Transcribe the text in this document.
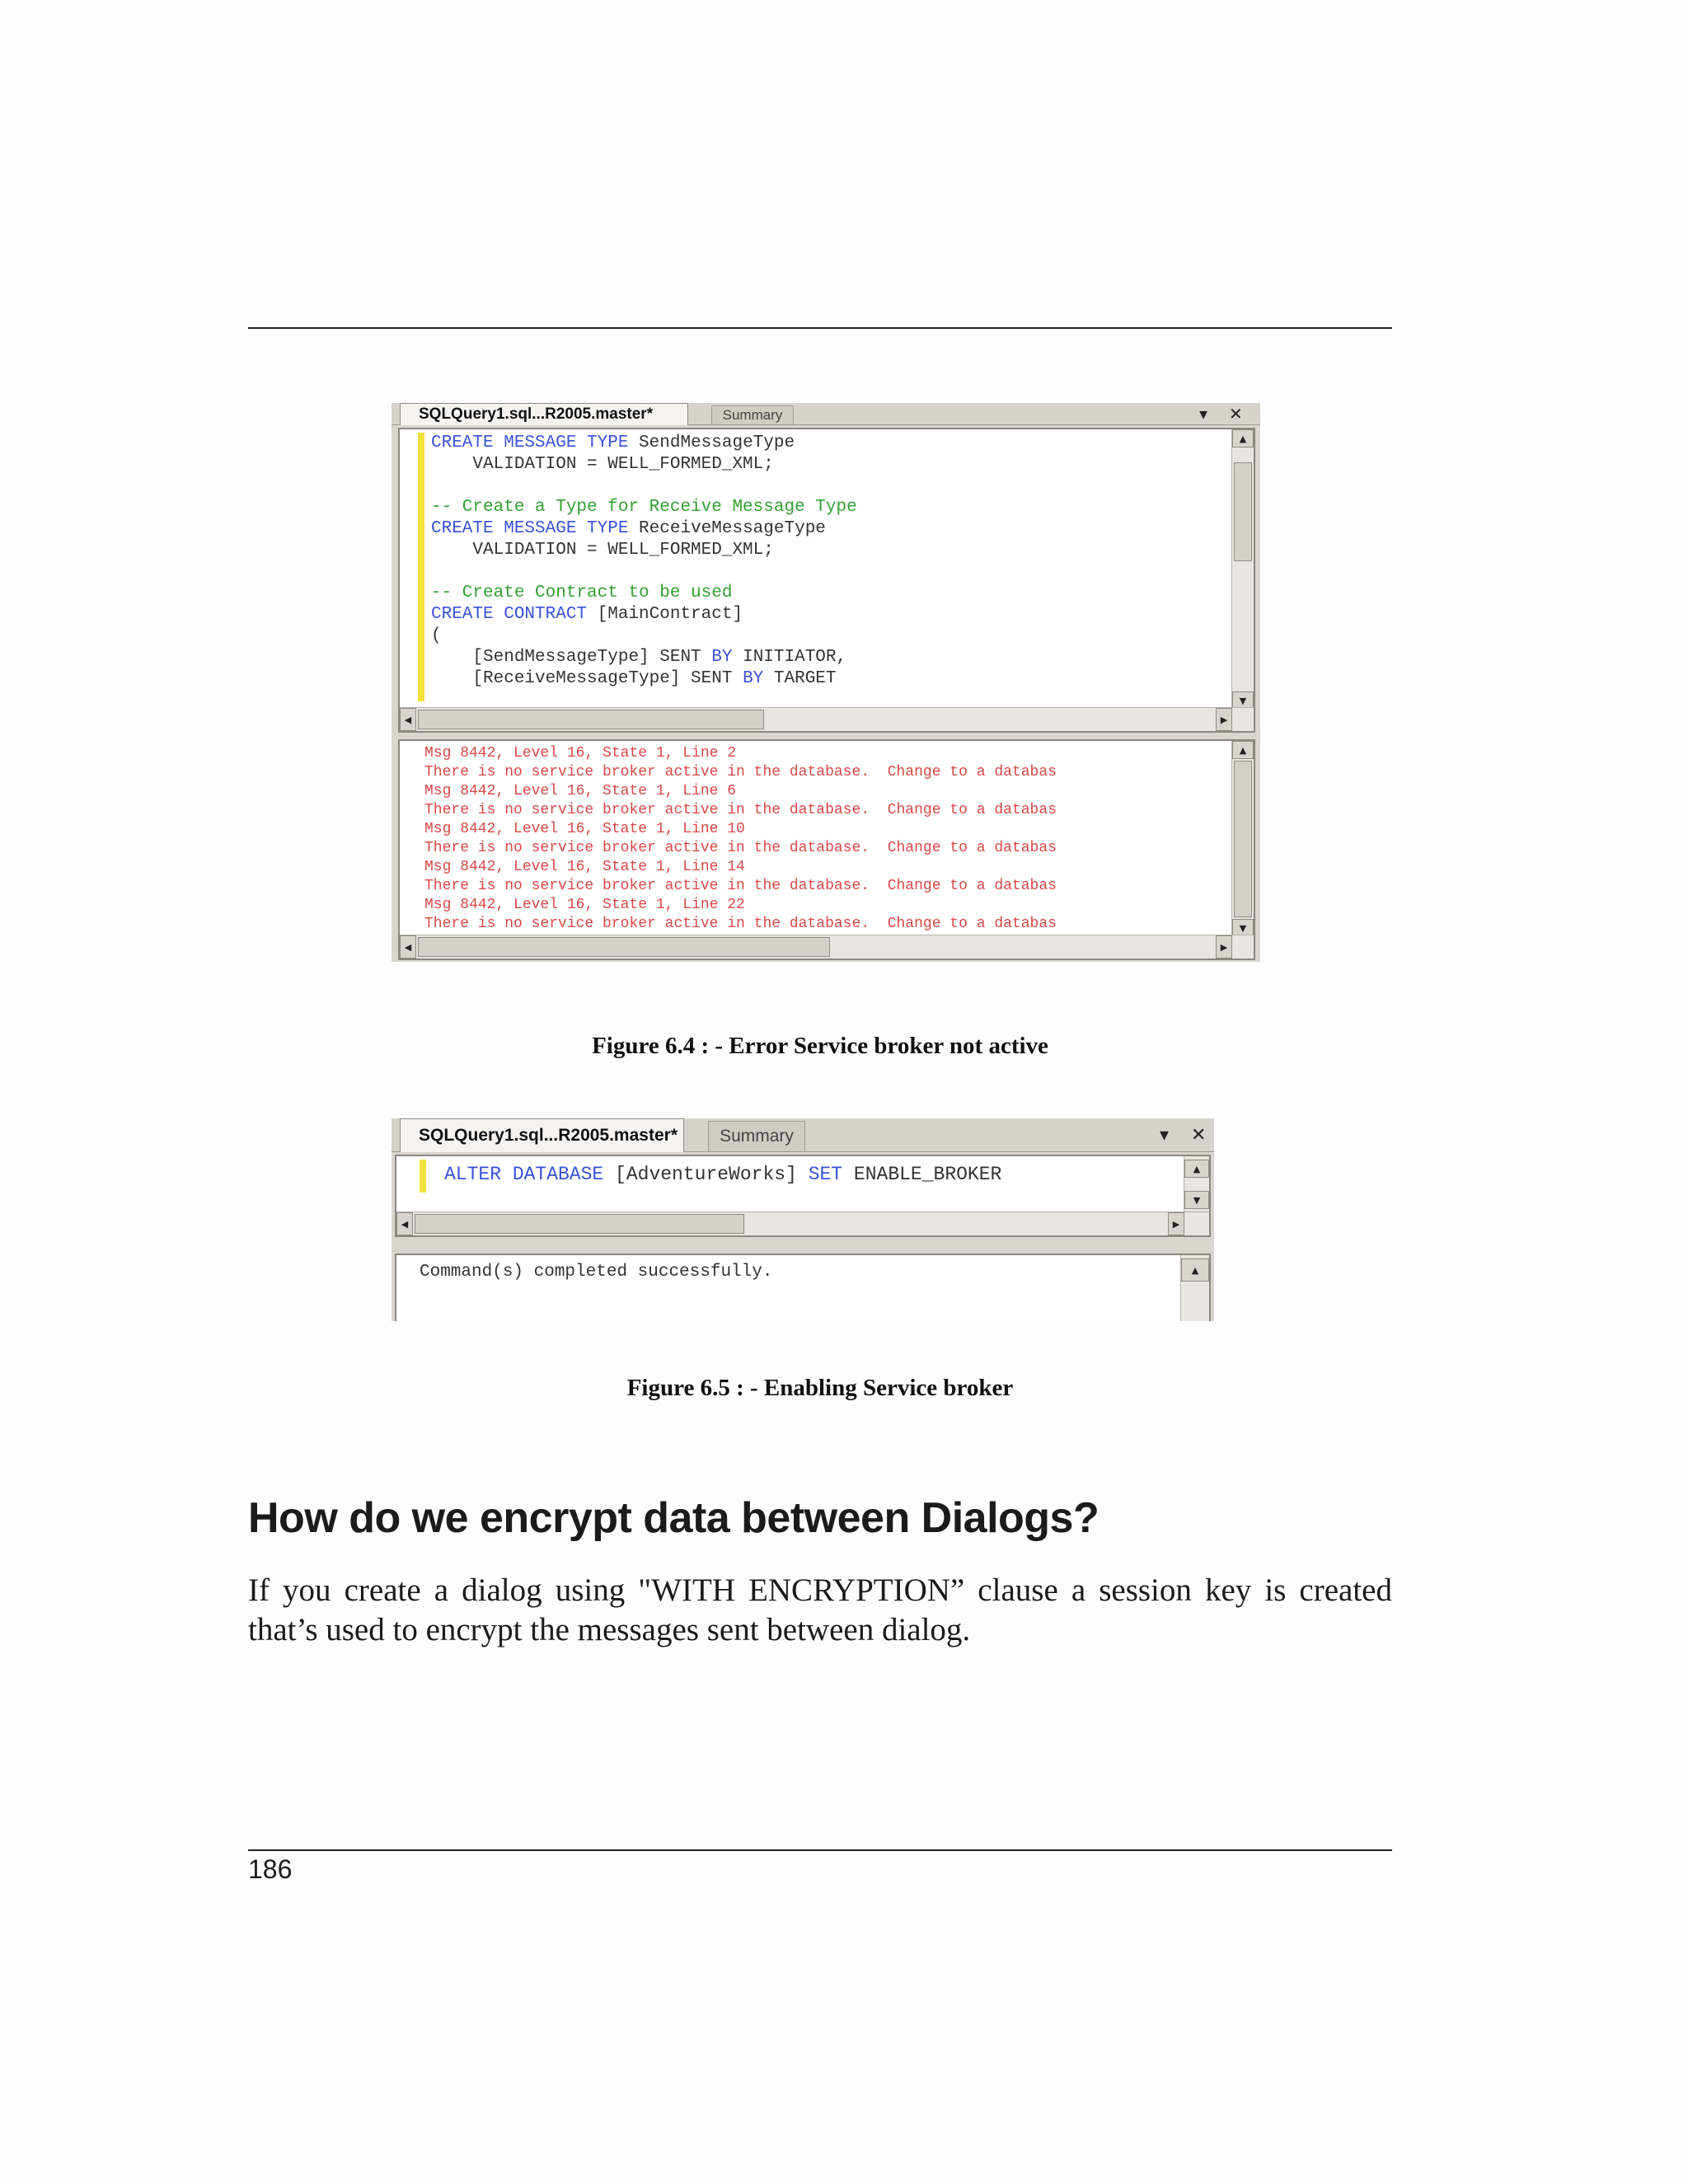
SQLQuery1.sql...R2005.master*	Summary	▾ ✕
CREATE MESSAGE TYPE SendMessageType
VALIDATION = WELL_FORMED_XML;

-- Create a Type for Receive Message Type
CREATE MESSAGE TYPE ReceiveMessageType
VALIDATION = WELL_FORMED_XML;

-- Create Contract to be used
CREATE CONTRACT [MainContract]
(
[SendMessageType] SENT BY INITIATOR,
[ReceiveMessageType] SENT BY TARGET
▲
▼
◀	▶
Msg 8442, Level 16, State 1, Line 2
There is no service broker active in the database.  Change to a databas
Msg 8442, Level 16, State 1, Line 6
There is no service broker active in the database.  Change to a databas
Msg 8442, Level 16, State 1, Line 10
There is no service broker active in the database.  Change to a databas
Msg 8442, Level 16, State 1, Line 14
There is no service broker active in the database.  Change to a databas
Msg 8442, Level 16, State 1, Line 22
There is no service broker active in the database.  Change to a databas
▲
▼
◀	▶
Figure 6.4 : - Error Service broker not active
SQLQuery1.sql...R2005.master*	Summary	▾ ✕
ALTER DATABASE [AdventureWorks] SET ENABLE_BROKER	▲
▼
◀	▶
Command(s) completed successfully.	▲
Figure 6.5 : - Enabling Service broker
How do we encrypt data between Dialogs?
If you create a dialog using "WITH ENCRYPTION” clause a session key is created that’s used to encrypt the messages sent between dialog.
186
